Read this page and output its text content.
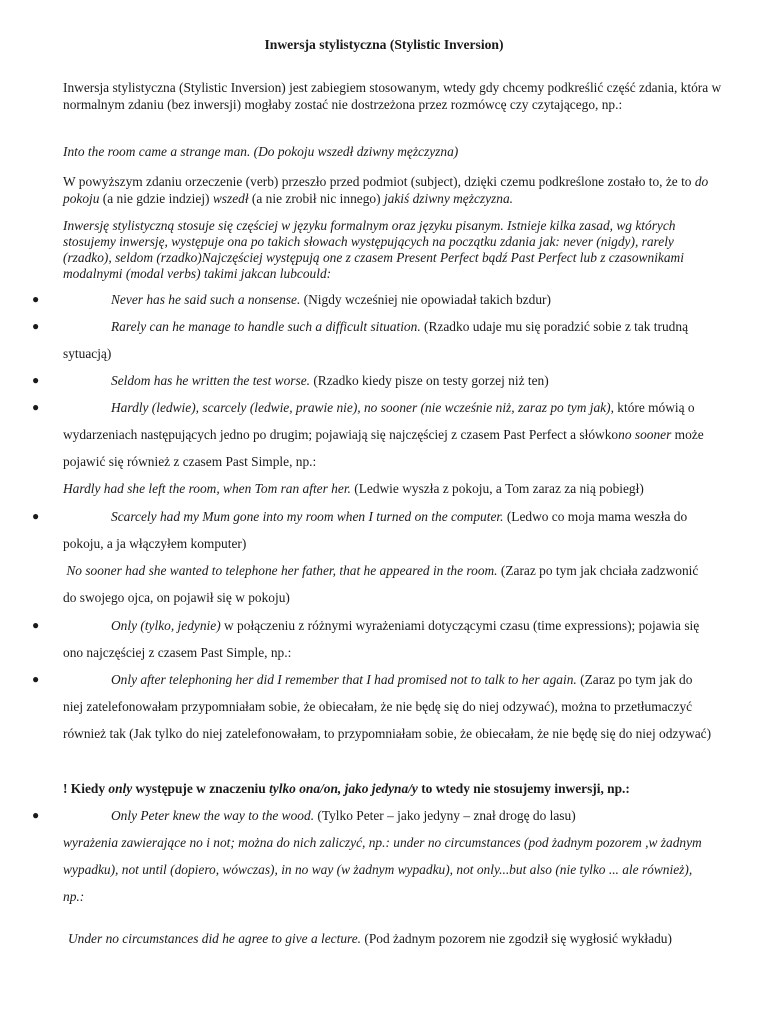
Inwersja stylistyczna (Stylistic Inversion)
Inwersja stylistyczna (Stylistic Inversion) jest zabiegiem stosowanym, wtedy gdy chcemy podkreślić część zdania, która w normalnym zdaniu (bez inwersji) mogłaby zostać nie dostrzeżona przez rozmówcę czy czytającego, np.:
Into the room came a strange man. (Do pokoju wszedł dziwny mężczyzna)
W powyższym zdaniu orzeczenie (verb) przeszło przed podmiot (subject), dzięki czemu podkreślone zostało to, że to do pokoju (a nie gdzie indziej) wszedł (a nie zrobił nic innego) jakiś dziwny mężczyzna.
Inwersję stylistyczną stosuje się częściej w języku formalnym oraz języku pisanym. Istnieje kilka zasad, wg których stosujemy inwersję, występuje ona po takich słowach występujących na początku zdania jak: never (nigdy), rarely (rzadko), seldom (rzadko)Najczęściej występują one z czasem Present Perfect bądź Past Perfect lub z czasownikami modalnymi (modal verbs) takimi jakcan lubcould:
●	Never has he said such a nonsense. (Nigdy wcześniej nie opowiadał takich bzdur)
●	Rarely can he manage to handle such a difficult situation. (Rzadko udaje mu się poradzić sobie z tak trudną sytuacją)
●	Seldom has he written the test worse. (Rzadko kiedy pisze on testy gorzej niż ten)
●	Hardly (ledwie), scarcely (ledwie, prawie nie), no sooner (nie wcześnie niż, zaraz po tym jak), które mówią o wydarzeniach następujących jedno po drugim; pojawiają się najczęściej z czasem Past Perfect a słówkono sooner może pojawić się również z czasem Past Simple, np.:
Hardly had she left the room, when Tom ran after her. (Ledwie wyszła z pokoju, a Tom zaraz za nią pobiegł)
●	Scarcely had my Mum gone into my room when I turned on the computer. (Ledwo co moja mama weszła do pokoju, a ja włączyłem komputer)
No sooner had she wanted to telephone her father, that he appeared in the room. (Zaraz po tym jak chciała zadzwonić do swojego ojca, on pojawił się w pokoju)
●	Only (tylko, jedynie) w połączeniu z różnymi wyrażeniami dotyczącymi czasu (time expressions); pojawia się ono najczęściej z czasem Past Simple, np.:
●	Only after telephoning her did I remember that I had promised not to talk to her again. (Zaraz po tym jak do niej zatelefonowałam przypomniałam sobie, że obiecałam, że nie będę się do niej odzywać), można to przetłumaczyć również tak (Jak tylko do niej zatelefonowałam, to przypomniałam sobie, że obiecałam, że nie będę się do niej odzywać)
! Kiedy only występuje w znaczeniu tylko ona/on, jako jedyna/y to wtedy nie stosujemy inwersji, np.:
●	Only Peter knew the way to the wood. (Tylko Peter – jako jedyny – znał drogę do lasu)
wyrażenia zawierające no i not; można do nich zaliczyć, np.: under no circumstances (pod żadnym pozorem ,w żadnym wypadku), not until (dopiero, wówczas), in no way (w żadnym wypadku), not only...but also (nie tylko ... ale również), np.:
Under no circumstances did he agree to give a lecture. (Pod żadnym pozorem nie zgodził się wygłosić wykładu)
